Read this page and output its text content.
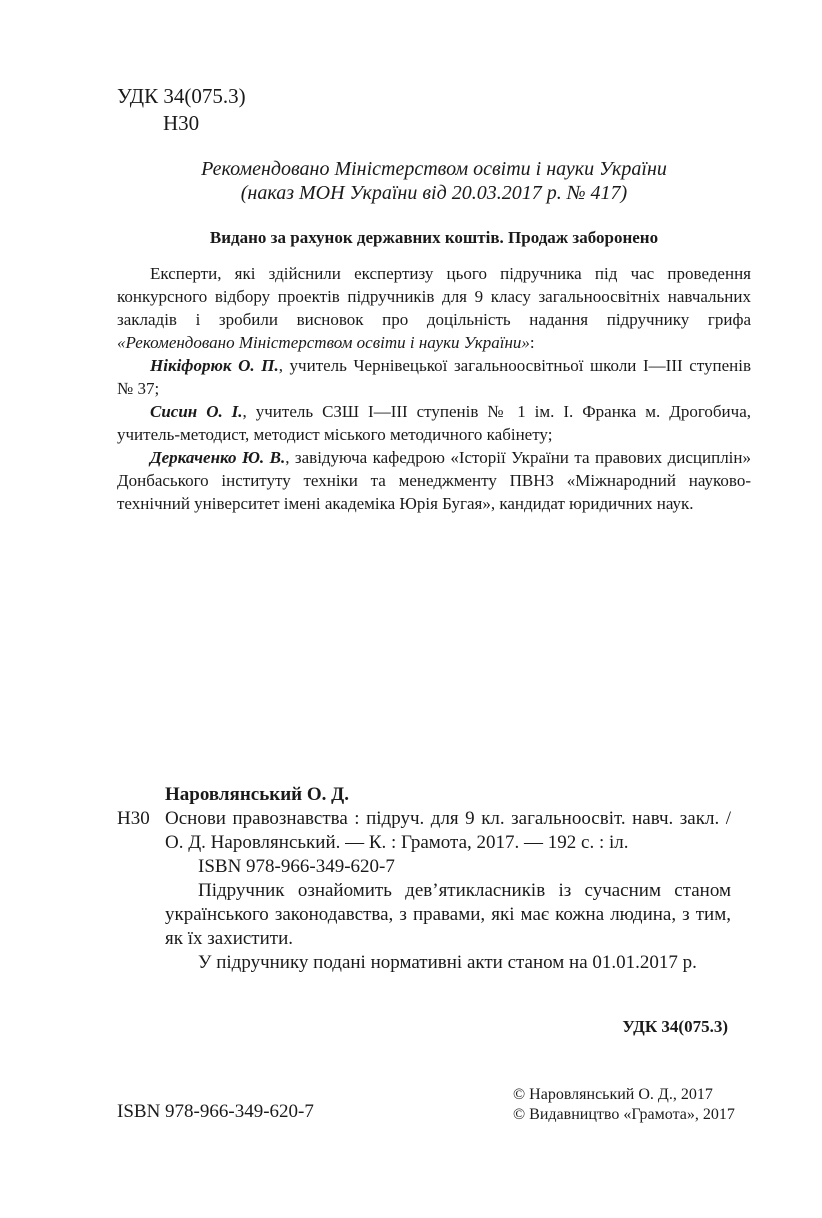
УДК 34(075.3)
Н30
Рекомендовано Міністерством освіти і науки України
(наказ МОН України від 20.03.2017 р. № 417)
Видано за рахунок державних коштів. Продаж заборонено

Експерти, які здійснили експертизу цього підручника під час проведення конкурсного відбору проектів підручників для 9 класу загальноосвітніх навчальних закладів і зробили висновок про доцільність надання підручнику грифа «Рекомендовано Міністерством освіти і науки України»:

Нікіфорюк О. П., учитель Чернівецької загальноосвітньої школи І—ІІІ ступенів № 37;

Сисин О. І., учитель СЗШ І—ІІІ ступенів № 1 ім. І. Франка м. Дрогобича, учитель-методист, методист міського методичного кабінету;

Деркаченко Ю. В., завідуюча кафедрою «Історії України та правових дисциплін» Донбаського інституту техніки та менеджменту ПВНЗ «Міжнародний науково-технічний університет імені академіка Юрія Бугая», кандидат юридичних наук.

Наровлянський О. Д.
Н30 Основи правознавства : підруч. для 9 кл. загальноосвіт. навч. закл. / О. Д. Наровлянський. — К. : Грамота, 2017. — 192 с. : іл.

ISBN 978-966-349-620-7

Підручник ознайомить дев’ятикласників із сучасним станом українського законодавства, з правами, які має кожна людина, з тим, як їх захистити.

У підручнику подані нормативні акти станом на 01.01.2017 р.

УДК 34(075.3)
ISBN 978-966-349-620-7
© Наровлянський О. Д., 2017
© Видавництво «Грамота», 2017
